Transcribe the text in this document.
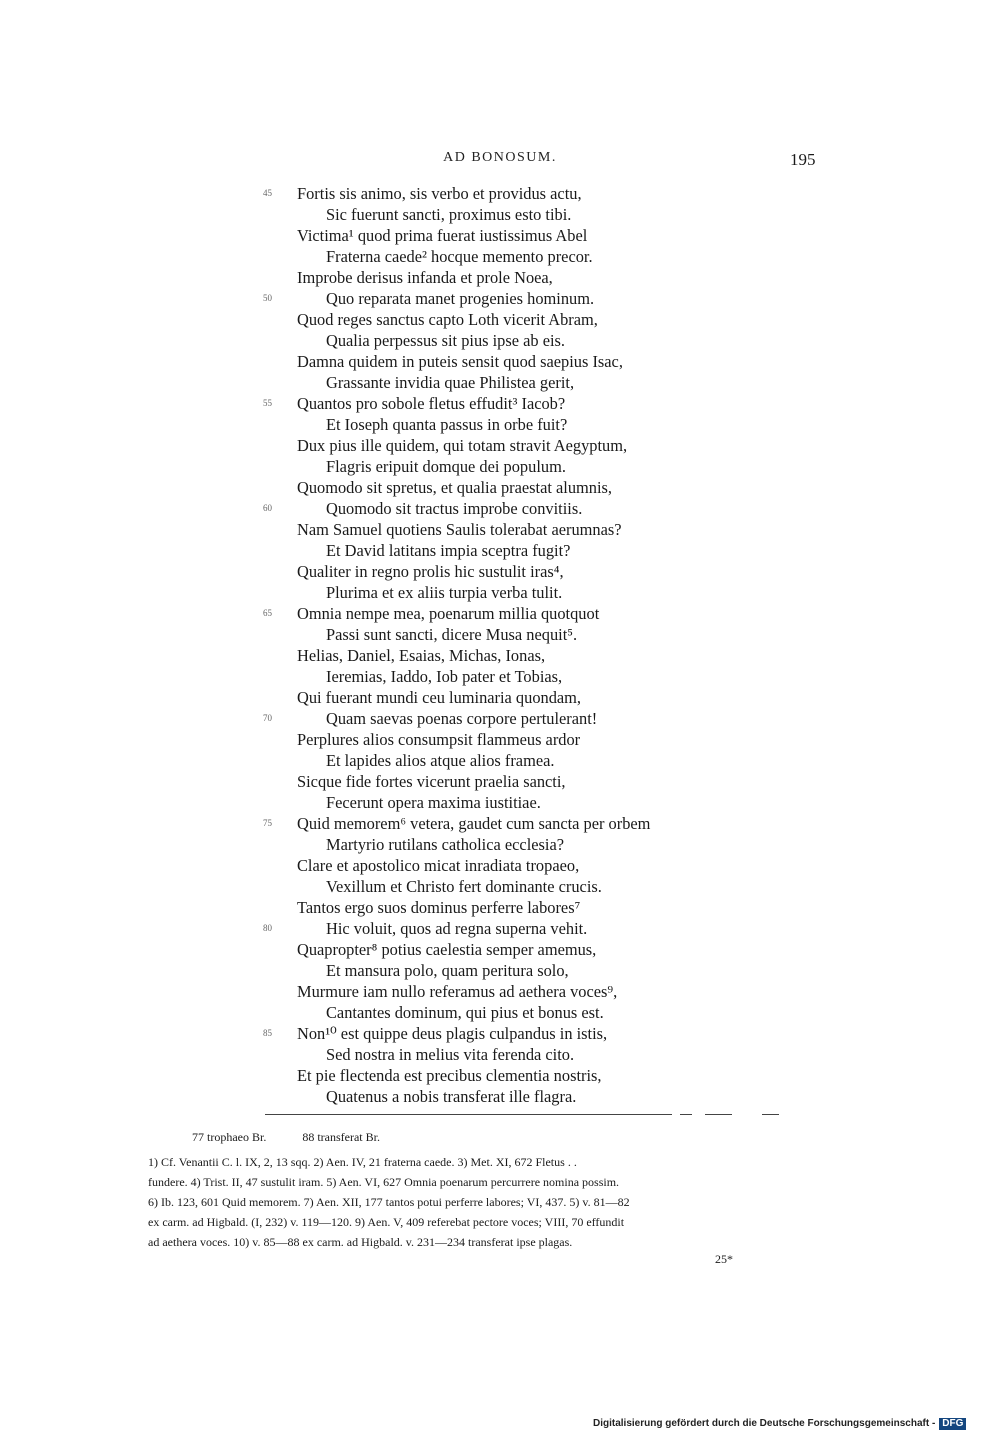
AD BONOSUM.	195
45 Fortis sis animo, sis verbo et providus actu,
Sic fuerunt sancti, proximus esto tibi.
Victima¹ quod prima fuerat iustissimus Abel
Fraterna caede² hocque memento precor.
Improbe derisus infanda et prole Noea,
50	Quo reparata manet progenies hominum.
Quod reges sanctus capto Loth vicerit Abram,
Qualia perpessus sit pius ipse ab eis.
Damna quidem in puteis sensit quod saepius Isac,
Grassante invidia quae Philistea gerit,
55 Quantos pro sobole fletus effudit³ Iacob?
Et Ioseph quanta passus in orbe fuit?
Dux pius ille quidem, qui totam stravit Aegyptum,
Flagris eripuit domque dei populum.
Quomodo sit spretus, et qualia praestat alumnis,
60	Quomodo sit tractus improbe convitiis.
Nam Samuel quotiens Saulis tolerabat aerumnas?
Et David latitans impia sceptra fugit?
Qualiter in regno prolis hic sustulit iras⁴,
Plurima et ex aliis turpia verba tulit.
65 Omnia nempe mea, poenarum millia quotquot
Passi sunt sancti, dicere Musa nequit⁵.
Helias, Daniel, Esaias, Michas, Ionas,
Ieremias, Iaddo, Iob pater et Tobias,
Qui fuerant mundi ceu luminaria quondam,
70	Quam saevas poenas corpore pertulerant!
Perplures alios consumpsit flammeus ardor
Et lapides alios atque alios framea.
Sicque fide fortes vicerunt praelia sancti,
Fecerunt opera maxima iustitiae.
75 Quid memorem⁶ vetera, gaudet cum sancta per orbem
Martyrio rutilans catholica ecclesia?
Clare et apostolico micat inradiata tropaeo,
Vexillum et Christo fert dominante crucis.
Tantos ergo suos dominus perferre labores⁷
80	Hic voluit, quos ad regna superna vehit.
Quapropter⁸ potius caelestia semper amemus,
Et mansura polo, quam peritura solo,
Murmure iam nullo referamus ad aethera voces⁹,
Cantantes dominum, qui pius et bonus est.
85 Non¹⁰ est quippe deus plagis culpandus in istis,
Sed nostra in melius vita ferenda cito.
Et pie flectenda est precibus clementia nostris,
Quatenus a nobis transferat ille flagra.
77 trophaeo Br.	88 transferat Br.
1) Cf. Venantii C. l. IX, 2, 13 sqq. 2) Aen. IV, 21 fraterna caede. 3) Met. XI, 672 Fletus . .
fundere. 4) Trist. II, 47 sustulit iram. 5) Aen. VI, 627 Omnia poenarum percurrere nomina possim.
6) Ib. 123, 601 Quid memorem. 7) Aen. XII, 177 tantos potui perferre labores; VI, 437. 5) v. 81—82
ex carm. ad Higbald. (I, 232) v. 119—120. 9) Aen. V, 409 referebat pectore voces; VIII, 70 effundit
ad aethera voces. 10) v. 85—88 ex carm. ad Higbald. v. 231—234 transferat ipse plagas.
25*
Digitalisierung gefördert durch die Deutsche Forschungsgemeinschaft - DFG
